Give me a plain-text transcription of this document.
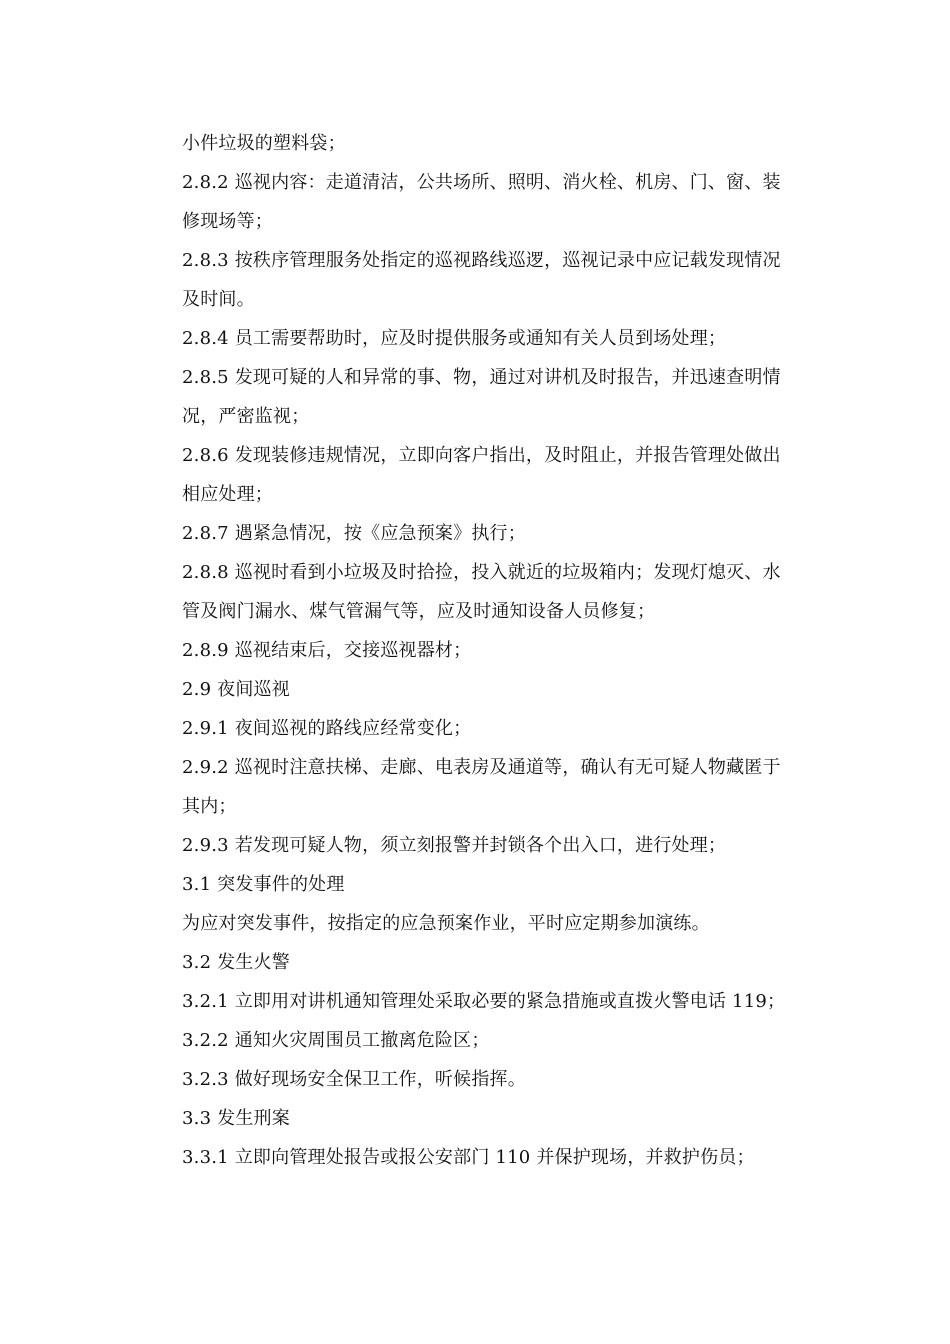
小件垃圾的塑料袋；
2.8.2 巡视内容：走道清洁，公共场所、照明、消火栓、机房、门、窗、装
修现场等；
2.8.3 按秩序管理服务处指定的巡视路线巡逻，巡视记录中应记载发现情况
及时间。
2.8.4 员工需要帮助时，应及时提供服务或通知有关人员到场处理；
2.8.5 发现可疑的人和异常的事、物，通过对讲机及时报告，并迅速查明情
况，严密监视；
2.8.6 发现装修违规情况，立即向客户指出，及时阻止，并报告管理处做出
相应处理；
2.8.7 遇紧急情况，按《应急预案》执行；
2.8.8 巡视时看到小垃圾及时拾捡，投入就近的垃圾箱内；发现灯熄灭、水
管及阀门漏水、煤气管漏气等，应及时通知设备人员修复；
2.8.9 巡视结束后，交接巡视器材；
2.9 夜间巡视
2.9.1 夜间巡视的路线应经常变化；
2.9.2 巡视时注意扶梯、走廊、电表房及通道等，确认有无可疑人物藏匿于
其内；
2.9.3 若发现可疑人物，须立刻报警并封锁各个出入口，进行处理；
3.1 突发事件的处理
为应对突发事件，按指定的应急预案作业，平时应定期参加演练。
3.2 发生火警
3.2.1 立即用对讲机通知管理处采取必要的紧急措施或直拨火警电话 119；
3.2.2 通知火灾周围员工撤离危险区；
3.2.3 做好现场安全保卫工作，听候指挥。
3.3 发生刑案
3.3.1 立即向管理处报告或报公安部门 110 并保护现场，并救护伤员；
